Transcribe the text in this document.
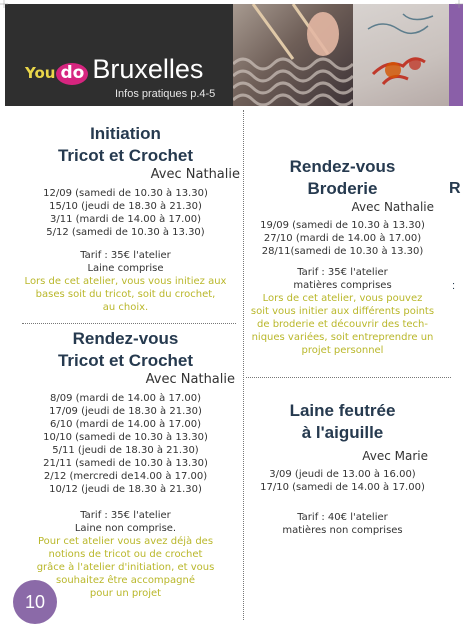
You do Bruxelles
Infos pratiques p.4-5
Initiation
Tricot et Crochet
Avec Nathalie
12/09 (samedi de 10.30 à 13.30)
15/10 (jeudi de 18.30 à 21.30)
3/11 (mardi de 14.00 à 17.00)
5/12 (samedi de 10.30 à 13.30)
Tarif : 35€ l'atelier
Laine comprise
Lors de cet atelier, vous vous initiez aux
bases soit du tricot, soit du crochet,
au choix.
Rendez-vous
Tricot et Crochet
Avec Nathalie
8/09 (mardi de 14.00 à 17.00)
17/09 (jeudi de 18.30 à 21.30)
6/10 (mardi de 14.00 à 17.00)
10/10 (samedi de 10.30 à 13.30)
5/11 (jeudi de 18.30 à 21.30)
21/11 (samedi de 10.30 à 13.30)
2/12 (mercredi de14.00 à 17.00)
10/12 (jeudi de 18.30 à 21.30)
Tarif : 35€ l'atelier
Laine non comprise.
Pour cet atelier vous avez déjà des
notions de tricot ou de crochet
grâce à l'atelier d'initiation, et vous
souhaitez être accompagné
pour un projet
Rendez-vous
Broderie
Avec Nathalie
19/09 (samedi de 10.30 à 13.30)
27/10 (mardi de 14.00 à 17.00)
28/11(samedi de 10.30 à 13.30)
Tarif : 35€ l'atelier
matières comprises
Lors de cet atelier, vous pouvez
soit vous initier aux différents points
de broderie et découvrir des tech-
niques variées, soit entreprendre un
projet personnel
Laine feutrée
à l'aiguille
Avec Marie
3/09 (jeudi de 13.00 à 16.00)
17/10 (samedi de 14.00 à 17.00)
Tarif : 40€ l'atelier
matières non comprises
R
:
10
